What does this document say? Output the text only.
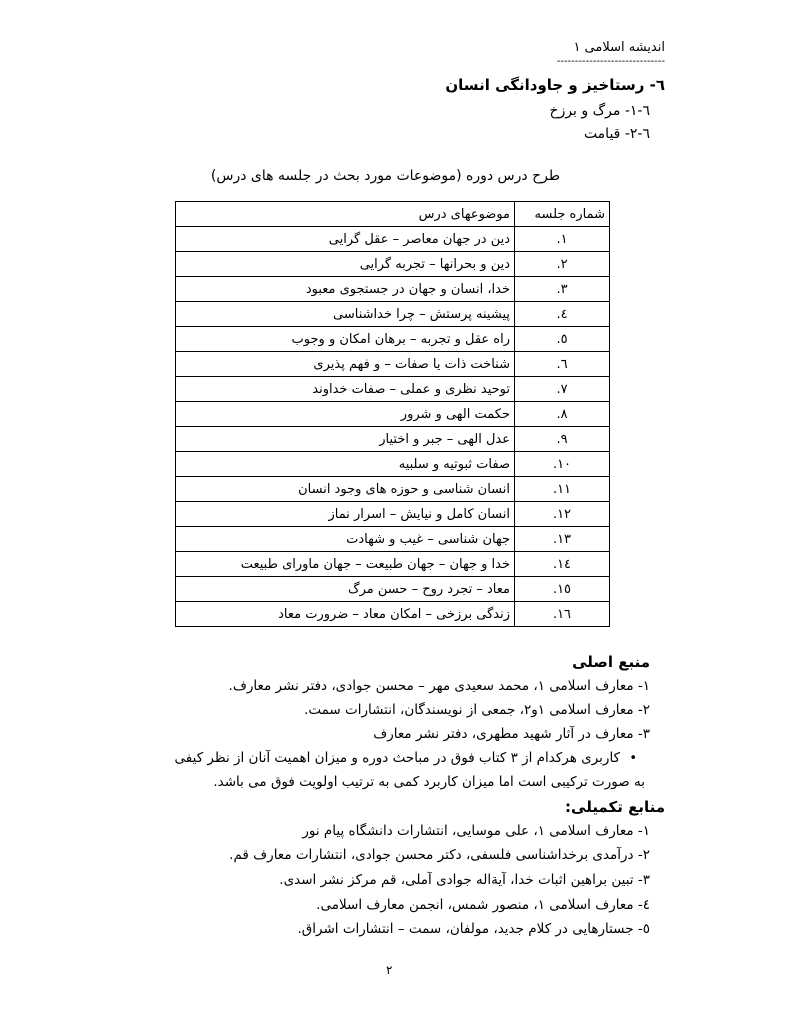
اندیشه اسلامی ۱
------------------------------
٦- رستاخیز و جاودانگی انسان
٦-١- مرگ و برزخ
٦-٢- قیامت
طرح درس دوره (موضوعات مورد بحث در جلسه های درس)
شماره جلسه	موضوعهای درس
١.	دین در جهان معاصر – عقل گرایی
٢.	دین و بحرانها – تجربه گرایی
٣.	خدا، انسان و جهان در جستجوی معبود
٤.	پیشینه پرستش – چرا خداشناسی
٥.	راه عقل و تجربه – برهان امکان و وجوب
٦.	شناخت ذات یا صفات – و فهم پذیری
٧.	توحید نظری و عملی – صفات خداوند
٨.	حکمت الهی و شرور
٩.	عدل الهی – جبر و اختیار
١٠.	صفات ثبوتیه و سلبیه
١١.	انسان شناسی و حوزه های وجود انسان
١٢.	انسان کامل و نیایش – اسرار نماز
١٣.	جهان شناسی – غیب و شهادت
١٤.	خدا و جهان – جهان طبیعت – جهان ماورای طبیعت
١٥.	معاد – تجرد روح – حسن مرگ
١٦.	زندگی برزخی – امکان معاد – ضرورت معاد
منبع اصلی
١- معارف اسلامی ١، محمد سعیدی مهر – محسن جوادی، دفتر نشر معارف.
٢- معارف اسلامی ١و٢، جمعی از نویسندگان، انتشارات سمت.
٣- معارف در آثار شهید مطهری، دفتر نشر معارف
•
کاربری هرکدام از ٣ کتاب فوق در مباحث دوره و میزان اهمیت آنان از نظر کیفی
به صورت ترکیبی است اما میزان کاربرد کمی به ترتیب اولویت فوق می باشد.
منابع تکمیلی:
١- معارف اسلامی ١، علی موسایی، انتشارات دانشگاه پیام نور
٢- درآمدی برخداشناسی فلسفی، دکتر محسن جوادی، انتشارات معارف قم.
٣- تبین براهین اثبات خدا، آیةاله جوادی آملی، قم مرکز نشر اسدی.
٤- معارف اسلامی ١، منصور شمس، انجمن معارف اسلامی.
٥- جستارهایی در کلام جدید، مولفان، سمت – انتشارات اشراق.
٢
